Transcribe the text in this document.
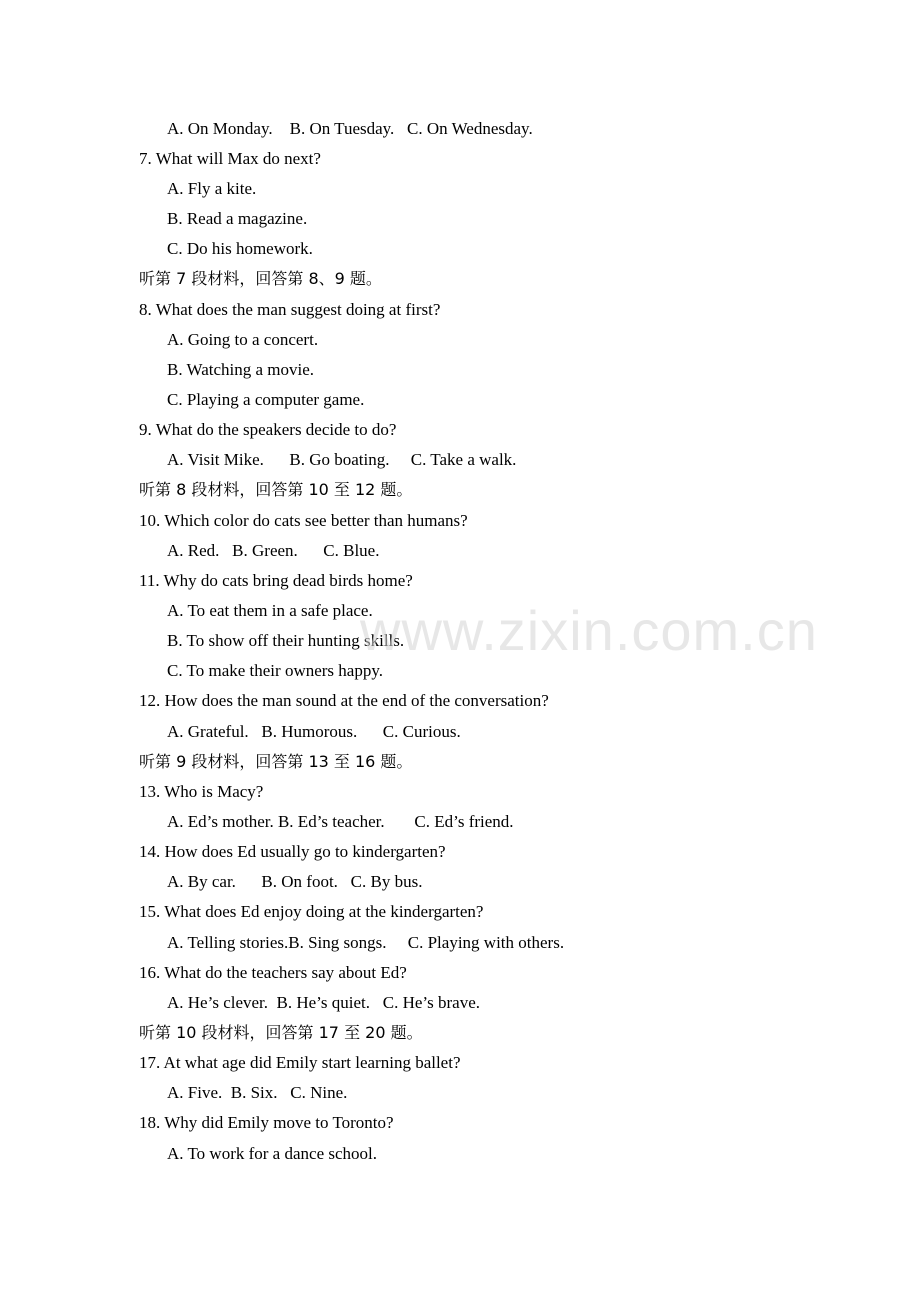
A. On Monday.    B. On Tuesday.   C. On Wednesday.
7. What will Max do next?
A. Fly a kite.
B. Read a magazine.
C. Do his homework.
听第 7 段材料，回答第 8、9 题。
8. What does the man suggest doing at first?
A. Going to a concert.
B. Watching a movie.
C. Playing a computer game.
9. What do the speakers decide to do?
A. Visit Mike.      B. Go boating.     C. Take a walk.
听第 8 段材料，回答第 10 至 12 题。
10. Which color do cats see better than humans?
A. Red.   B. Green.      C. Blue.
11. Why do cats bring dead birds home?
A. To eat them in a safe place.
B. To show off their hunting skills.
C. To make their owners happy.
12. How does the man sound at the end of the conversation?
A. Grateful.   B. Humorous.      C. Curious.
听第 9 段材料，回答第 13 至 16 题。
13. Who is Macy?
A. Ed’s mother. B. Ed’s teacher.       C. Ed’s friend.
14. How does Ed usually go to kindergarten?
A. By car.      B. On foot.   C. By bus.
15. What does Ed enjoy doing at the kindergarten?
A. Telling stories.B. Sing songs.     C. Playing with others.
16. What do the teachers say about Ed?
A. He’s clever.  B. He’s quiet.   C. He’s brave.
听第 10 段材料，回答第 17 至 20 题。
17. At what age did Emily start learning ballet?
A. Five.  B. Six.   C. Nine.
18. Why did Emily move to Toronto?
A. To work for a dance school.
www.zixin.com.cn
